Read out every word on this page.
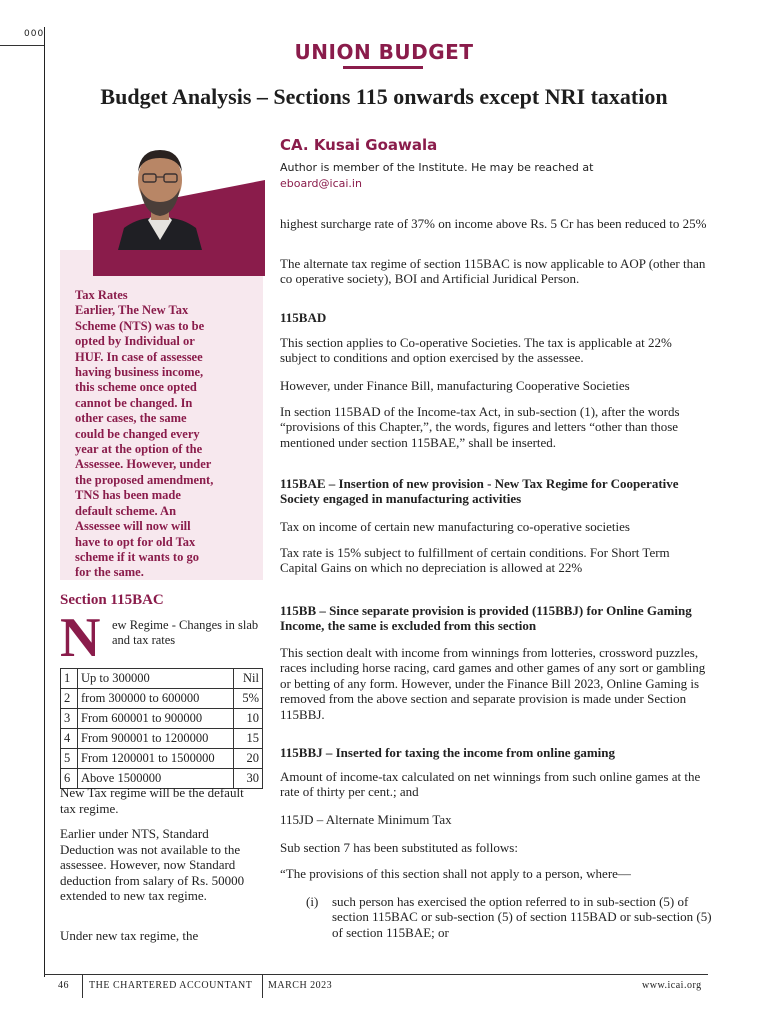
000
UNION BUDGET
Budget Analysis – Sections 115 onwards except NRI taxation
CA. Kusai Goawala
Author is member of the Institute. He may be reached at
eboard@icai.in
Tax Rates
Earlier, The New Tax
Scheme (NTS) was to be
opted by Individual or
HUF. In case of assessee
having business income,
this scheme once opted
cannot be changed. In
other cases, the same
could be changed every
year at the option of the
Assessee. However, under
the proposed amendment,
TNS has been made
default scheme. An
Assessee will now will
have to opt for old Tax
scheme if it wants to go
for the same.
Section 115BAC
N ew Regime - Changes in slab and tax rates
1	Up to 300000	Nil
2	from 300000 to 600000	5%
3	From 600001 to 900000	10
4	From 900001 to 1200000	15
5	From 1200001 to 1500000	20
6	Above 1500000	30
New Tax regime will be the default tax regime.
Earlier under NTS, Standard Deduction was not available to the assessee. However, now Standard deduction from salary of Rs. 50000 extended to new tax regime.
Under new tax regime, the
highest surcharge rate of 37% on income above Rs. 5 Cr has been reduced to 25%
The alternate tax regime of section 115BAC is now applicable to AOP (other than co operative society), BOI and Artificial Juridical Person.
115BAD
This section applies to Co-operative Societies. The tax is applicable at 22% subject to conditions and option exercised by the assessee.
However, under Finance Bill, manufacturing Cooperative Societies
In section 115BAD of the Income-tax Act, in sub-section (1), after the words “provisions of this Chapter,”, the words, figures and letters “other than those mentioned under section 115BAE,” shall be inserted.
115BAE – Insertion of new provision - New Tax Regime for Cooperative Society engaged in manufacturing activities
Tax on income of certain new manufacturing co-operative societies
Tax rate is 15% subject to fulfillment of certain conditions. For Short Term Capital Gains on which no depreciation is allowed at 22%
115BB – Since separate provision is provided (115BBJ) for Online Gaming Income, the same is excluded from this section
This section dealt with income from winnings from lotteries, crossword puzzles, races including horse racing, card games and other games of any sort or gambling or betting of any form. However, under the Finance Bill 2023, Online Gaming is removed from the above section and separate provision is made under Section 115BBJ.
115BBJ – Inserted for taxing the income from online gaming
Amount of income-tax calculated on net winnings from such online games at the rate of thirty per cent.; and
115JD – Alternate Minimum Tax
Sub section 7 has been substituted as follows:
“The provisions of this section shall not apply to a person, where––
(i) such person has exercised the option referred to in sub-section (5) of section 115BAC or sub-section (5) of section 115BAD or sub-section (5) of section 115BAE; or
46 THE CHARTERED ACCOUNTANT MARCH 2023	www.icai.org
